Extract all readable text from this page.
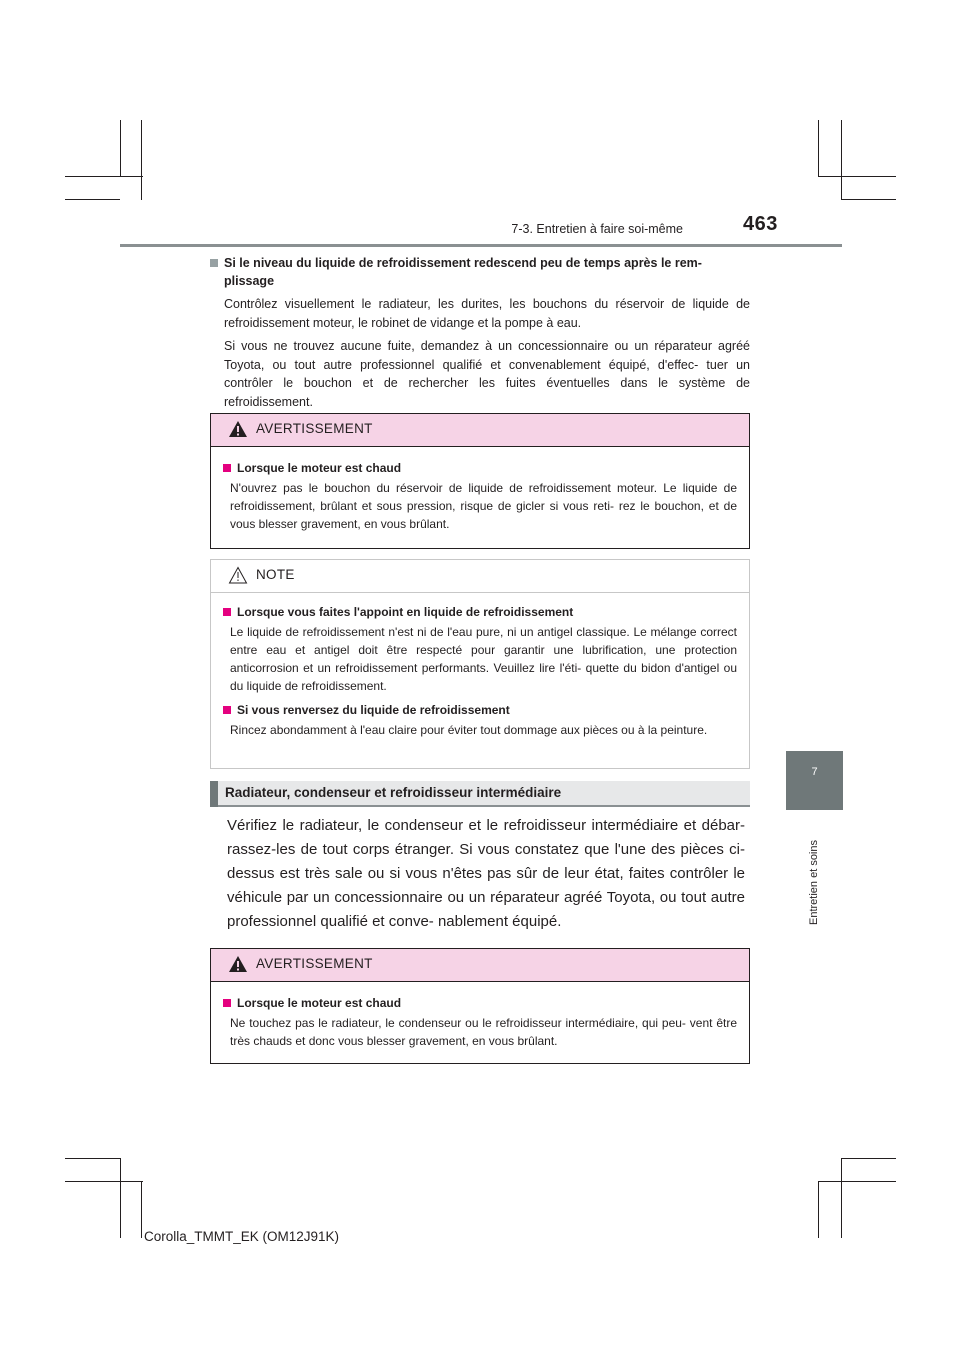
7-3. Entretien à faire soi-même	463
7
Entretien et soins
Si le niveau du liquide de refroidissement redescend peu de temps après le rem- plissage
Contrôlez visuellement le radiateur, les durites, les bouchons du réservoir de liquide de refroidissement moteur, le robinet de vidange et la pompe à eau.
Si vous ne trouvez aucune fuite, demandez à un concessionnaire ou un réparateur agréé Toyota, ou tout autre professionnel qualifié et convenablement équipé, d'effec- tuer un contrôler le bouchon et de rechercher les fuites éventuelles dans le système de refroidissement.
AVERTISSEMENT
Lorsque le moteur est chaud
N'ouvrez pas le bouchon du réservoir de liquide de refroidissement moteur. Le liquide de refroidissement, brûlant et sous pression, risque de gicler si vous reti- rez le bouchon, et de vous blesser gravement, en vous brûlant.
NOTE
Lorsque vous faites l'appoint en liquide de refroidissement
Le liquide de refroidissement n'est ni de l'eau pure, ni un antigel classique. Le mélange correct entre eau et antigel doit être respecté pour garantir une lubrification, une protection anticorrosion et un refroidissement performants. Veuillez lire l'éti- quette du bidon d'antigel ou du liquide de refroidissement.
Si vous renversez du liquide de refroidissement
Rincez abondamment à l'eau claire pour éviter tout dommage aux pièces ou à la peinture.
Radiateur, condenseur et refroidisseur intermédiaire
Vérifiez le radiateur, le condenseur et le refroidisseur intermédiaire et débar- rassez-les de tout corps étranger. Si vous constatez que l'une des pièces ci-dessus est très sale ou si vous n'êtes pas sûr de leur état, faites contrôler le véhicule par un concessionnaire ou un réparateur agréé Toyota, ou tout autre professionnel qualifié et conve- nablement équipé.
AVERTISSEMENT
Lorsque le moteur est chaud
Ne touchez pas le radiateur, le condenseur ou le refroidisseur intermédiaire, qui peu- vent être très chauds et donc vous blesser gravement, en vous brûlant.
Corolla_TMMT_EK (OM12J91K)
